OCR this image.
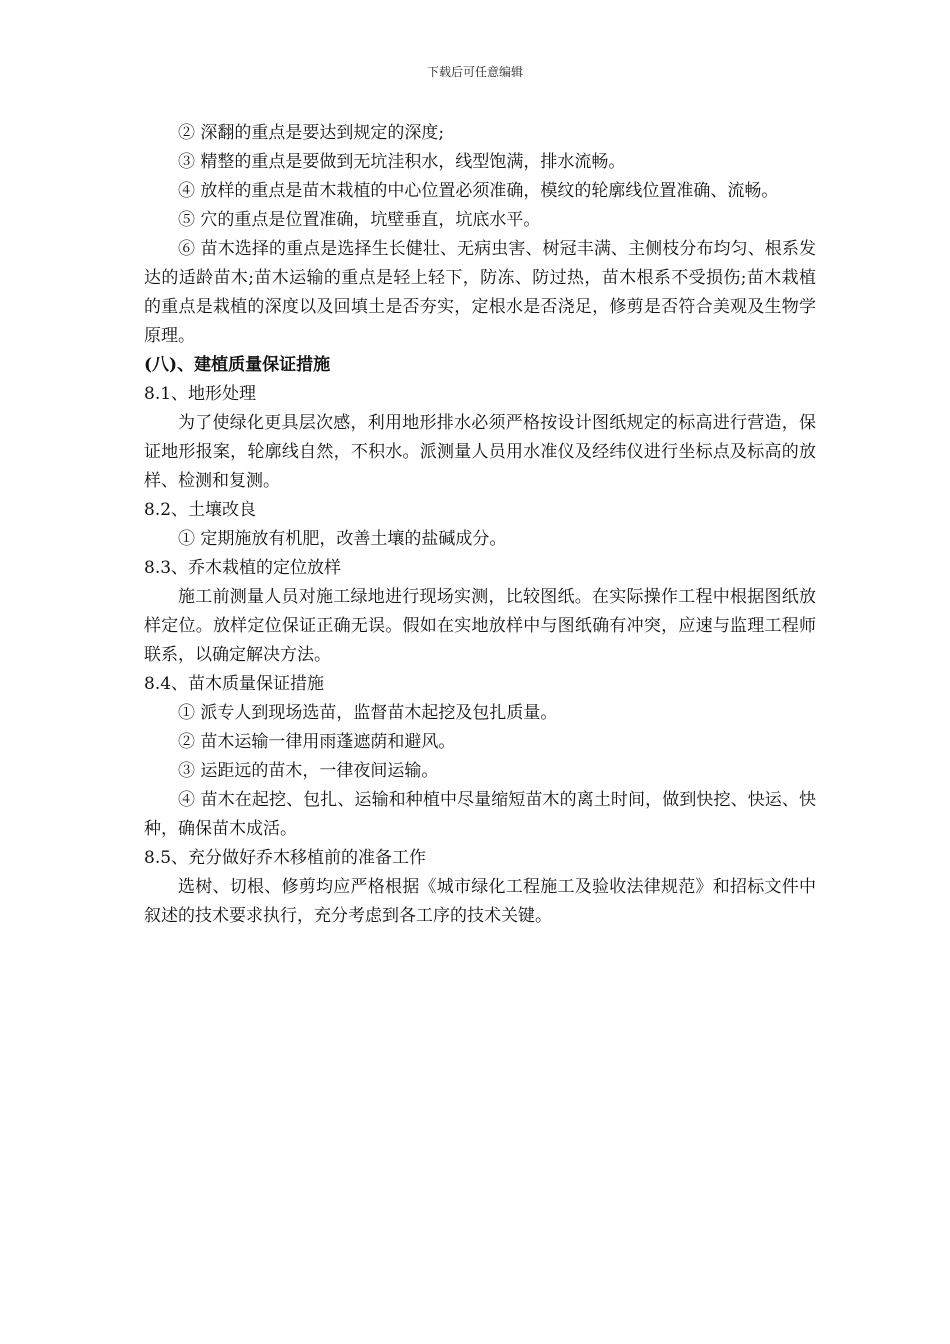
下载后可任意编辑

② 深翻的重点是要达到规定的深度;

③ 精整的重点是要做到无坑洼积水，线型饱满，排水流畅。

④ 放样的重点是苗木栽植的中心位置必须准确，模纹的轮廓线位置准确、流畅。

⑤ 穴的重点是位置准确，坑壁垂直，坑底水平。

⑥ 苗木选择的重点是选择生长健壮、无病虫害、树冠丰满、主侧枝分布均匀、根系发达的适龄苗木;苗木运输的重点是轻上轻下，防冻、防过热，苗木根系不受损伤;苗木栽植的重点是栽植的深度以及回填土是否夯实，定根水是否浇足，修剪是否符合美观及生物学原理。

(八)、建植质量保证措施

8.1、地形处理

为了使绿化更具层次感，利用地形排水必须严格按设计图纸规定的标高进行营造，保证地形报案，轮廓线自然，不积水。派测量人员用水准仪及经纬仪进行坐标点及标高的放样、检测和复测。

8.2、土壤改良

① 定期施放有机肥，改善土壤的盐碱成分。

8.3、乔木栽植的定位放样

施工前测量人员对施工绿地进行现场实测，比较图纸。在实际操作工程中根据图纸放样定位。放样定位保证正确无误。假如在实地放样中与图纸确有冲突，应速与监理工程师联系，以确定解决方法。

8.4、苗木质量保证措施

① 派专人到现场选苗，监督苗木起挖及包扎质量。

② 苗木运输一律用雨蓬遮荫和避风。

③ 运距远的苗木，一律夜间运输。

④ 苗木在起挖、包扎、运输和种植中尽量缩短苗木的离土时间，做到快挖、快运、快种，确保苗木成活。

8.5、充分做好乔木移植前的准备工作

选树、切根、修剪均应严格根据《城市绿化工程施工及验收法律规范》和招标文件中叙述的技术要求执行，充分考虑到各工序的技术关键。
